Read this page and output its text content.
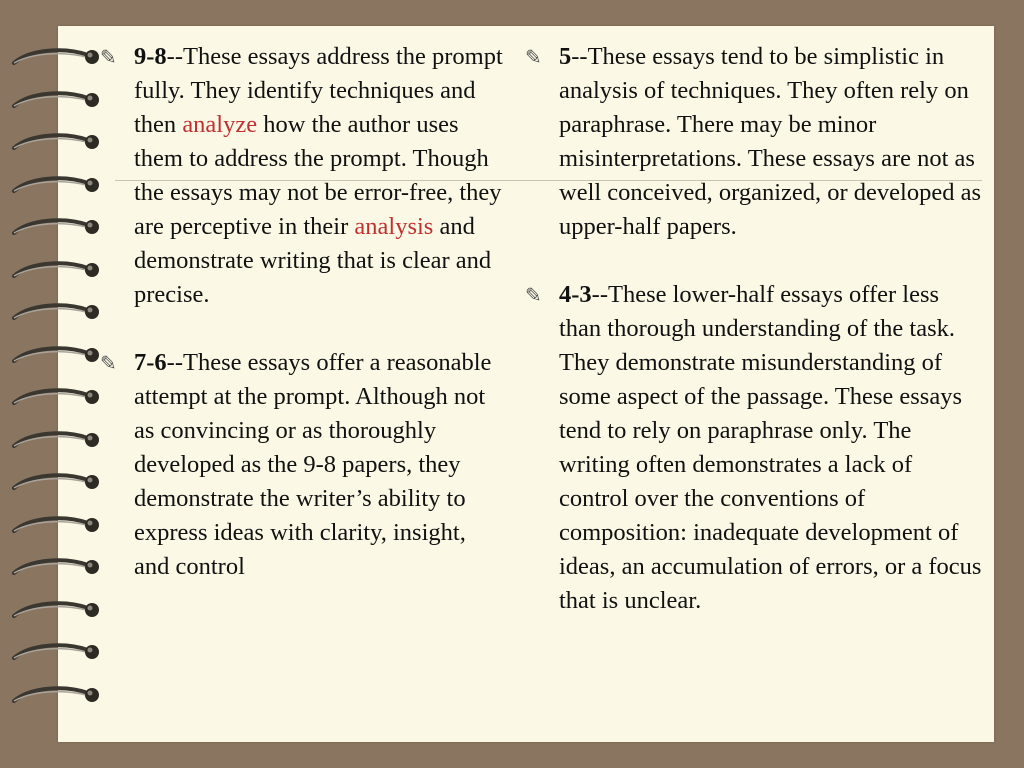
✎ 9-8--These essays address the prompt fully. They identify techniques and then analyze how the author uses them to address the prompt. Though the essays may not be error-free, they are perceptive in their analysis and demonstrate writing that is clear and precise.
✎ 7-6--These essays offer a reasonable attempt at the prompt. Although not as convincing or as thoroughly developed as the 9-8 papers, they demonstrate the writer’s ability to express ideas with clarity, insight, and control
✎ 5--These essays tend to be simplistic in analysis of techniques. They often rely on paraphrase. There may be minor misinterpretations. These essays are not as well conceived, organized, or developed as upper-half papers.
✎ 4-3--These lower-half essays offer less than thorough understanding of the task. They demonstrate misunderstanding of some aspect of the passage. These essays tend to rely on paraphrase only. The writing often demonstrates a lack of control over the conventions of composition: inadequate development of ideas, an accumulation of errors, or a focus that is unclear.
